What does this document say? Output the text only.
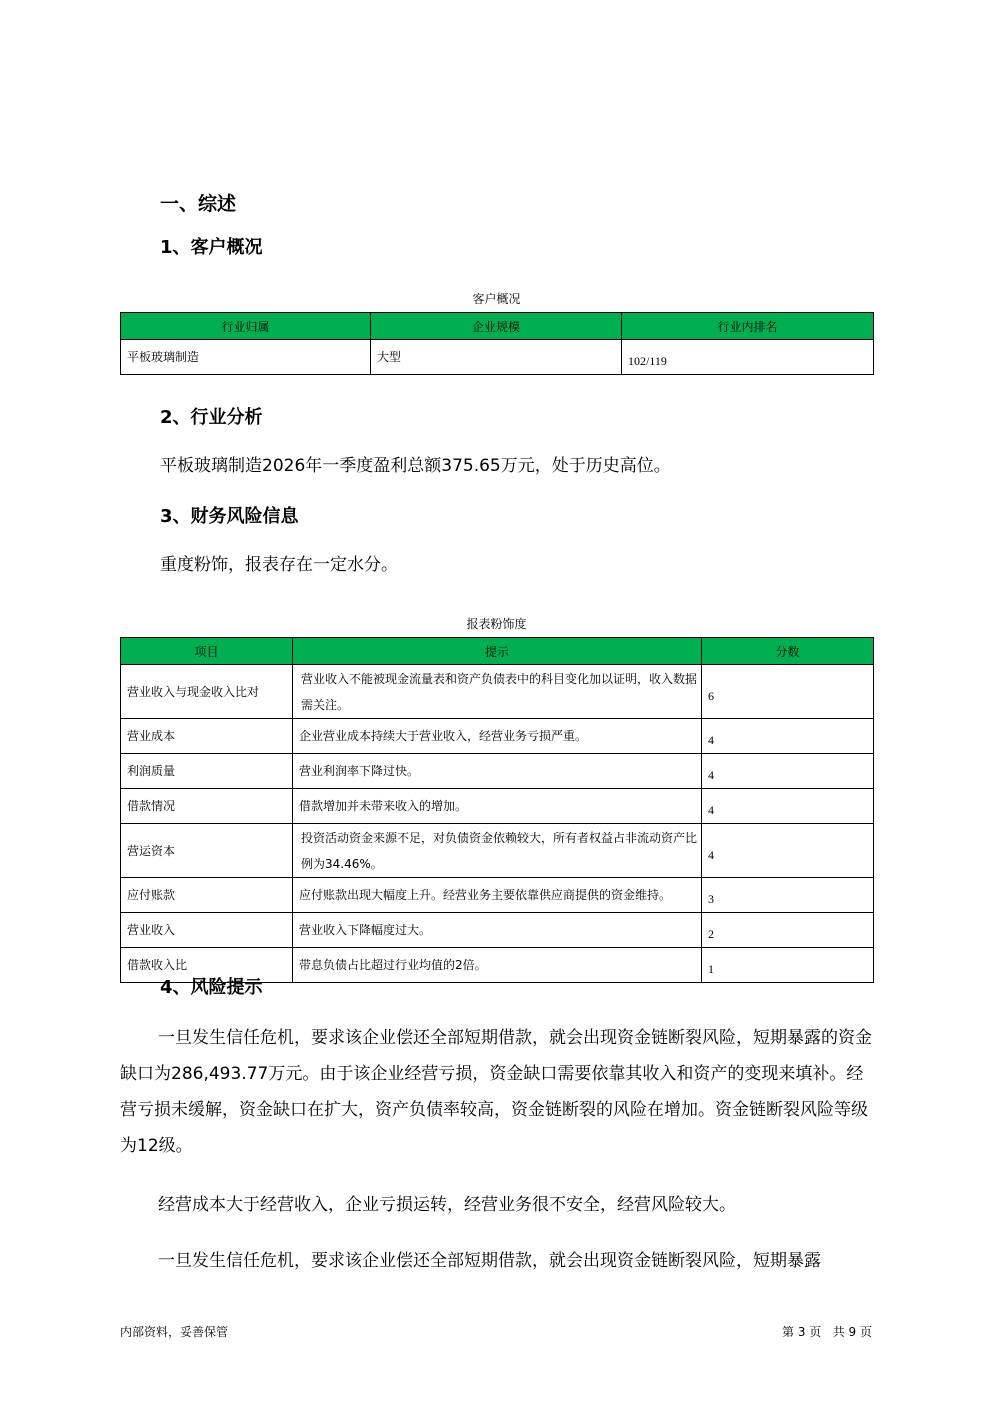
一、综述
1、客户概况
客户概况
行业归属	企业规模	行业内排名
平板玻璃制造	大型	102/119
2、行业分析
平板玻璃制造2026年一季度盈利总额375.65万元，处于历史高位。
3、财务风险信息
重度粉饰，报表存在一定水分。
报表粉饰度
项目	提示	分数
营业收入与现金收入比对	营业收入不能被现金流量表和资产负债表中的科目变化加以证明，收入数据需关注。	6
营业成本	企业营业成本持续大于营业收入，经营业务亏损严重。	4
利润质量	营业利润率下降过快。	4
借款情况	借款增加并未带来收入的增加。	4
营运资本	投资活动资金来源不足，对负债资金依赖较大，所有者权益占非流动资产比例为34.46%。	4
应付账款	应付账款出现大幅度上升。经营业务主要依靠供应商提供的资金维持。	3
营业收入	营业收入下降幅度过大。	2
借款收入比	带息负债占比超过行业均值的2倍。	1
4、风险提示
一旦发生信任危机，要求该企业偿还全部短期借款，就会出现资金链断裂风险，短期暴露的资金缺口为286,493.77万元。由于该企业经营亏损，资金缺口需要依靠其收入和资产的变现来填补。经营亏损未缓解，资金缺口在扩大，资产负债率较高，资金链断裂的风险在增加。资金链断裂风险等级为12级。
经营成本大于经营收入，企业亏损运转，经营业务很不安全，经营风险较大。
一旦发生信任危机，要求该企业偿还全部短期借款，就会出现资金链断裂风险，短期暴露
内部资料，妥善保管	第 3 页   共 9 页
